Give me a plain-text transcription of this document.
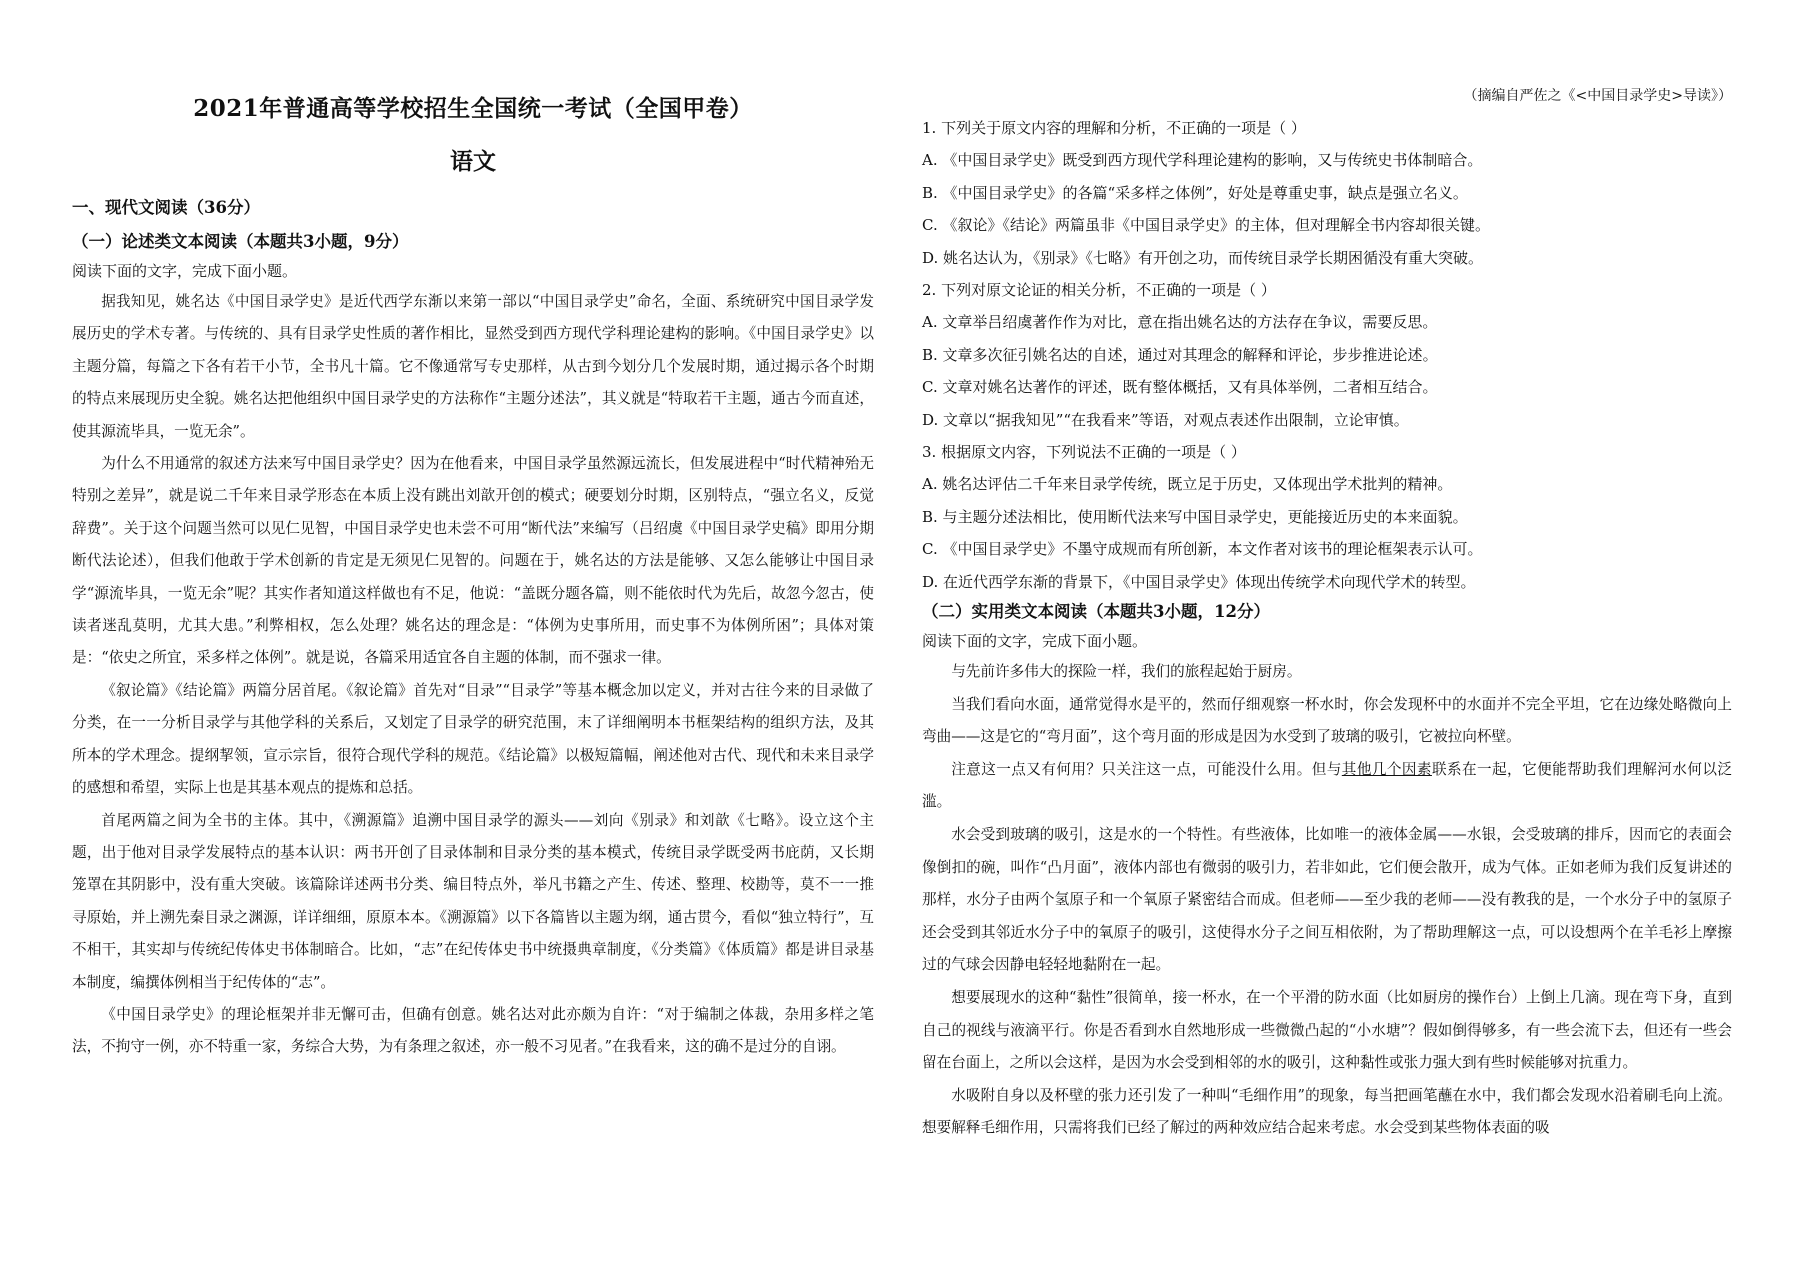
2021年普通高等学校招生全国统一考试（全国甲卷）
语文
一、现代文阅读（36分）
（一）论述类文本阅读（本题共3小题，9分）
阅读下面的文字，完成下面小题。

据我知见，姚名达《中国目录学史》是近代西学东渐以来第一部以“中国目录学史”命名，全面、系统研究中国目录学发展历史的学术专著。与传统的、具有目录学史性质的著作相比，显然受到西方现代学科理论建构的影响。《中国目录学史》以主题分篇，每篇之下各有若干小节，全书凡十篇。它不像通常写专史那样，从古到今划分几个发展时期，通过揭示各个时期的特点来展现历史全貌。姚名达把他组织中国目录学史的方法称作“主题分述法”，其义就是“特取若干主题，通古今而直述，使其源流毕具，一览无余”。

为什么不用通常的叙述方法来写中国目录学史？因为在他看来，中国目录学虽然源远流长，但发展进程中“时代精神殆无特别之差异”，就是说二千年来目录学形态在本质上没有跳出刘歆开创的模式；硬要划分时期，区别特点，“强立名义，反觉辞费”。关于这个问题当然可以见仁见智，中国目录学史也未尝不可用“断代法”来编写（吕绍虞《中国目录学史稿》即用分期断代法论述），但我们他敢于学术创新的肯定是无须见仁见智的。问题在于，姚名达的方法是能够、又怎么能够让中国目录学“源流毕具，一览无余”呢？其实作者知道这样做也有不足，他说：“盖既分题各篇，则不能依时代为先后，故忽今忽古，使读者迷乱莫明，尤其大患。”利弊相权，怎么处理？姚名达的理念是：“体例为史事所用，而史事不为体例所困”；具体对策是：“依史之所宜，采多样之体例”。就是说，各篇采用适宜各自主题的体制，而不强求一律。

《叙论篇》《结论篇》两篇分居首尾。《叙论篇》首先对“目录”“目录学”等基本概念加以定义，并对古往今来的目录做了分类，在一一分析目录学与其他学科的关系后，又划定了目录学的研究范围，末了详细阐明本书框架结构的组织方法，及其所本的学术理念。提纲挈领，宣示宗旨，很符合现代学科的规范。《结论篇》以极短篇幅，阐述他对古代、现代和未来目录学的感想和希望，实际上也是其基本观点的提炼和总括。

首尾两篇之间为全书的主体。其中，《溯源篇》追溯中国目录学的源头——刘向《别录》和刘歆《七略》。设立这个主题，出于他对目录学发展特点的基本认识：两书开创了目录体制和目录分类的基本模式，传统目录学既受两书庇荫，又长期笼罩在其阴影中，没有重大突破。该篇除详述两书分类、编目特点外，举凡书籍之产生、传述、整理、校勘等，莫不一一推寻原始，并上溯先秦目录之渊源，详详细细，原原本本。《溯源篇》以下各篇皆以主题为纲，通古贯今，看似“独立特行”，互不相干，其实却与传统纪传体史书体制暗合。比如，“志”在纪传体史书中统摄典章制度，《分类篇》《体质篇》都是讲目录基本制度，编撰体例相当于纪传体的“志”。

《中国目录学史》的理论框架并非无懈可击，但确有创意。姚名达对此亦颇为自许：“对于编制之体裁，杂用多样之笔法，不拘守一例，亦不特重一家，务综合大势，为有条理之叙述，亦一般不习见者。”在我看来，这的确不是过分的自诩。

（摘编自严佐之《<中国目录学史>导读》）
1. 下列关于原文内容的理解和分析，不正确的一项是（ ）
A. 《中国目录学史》既受到西方现代学科理论建构的影响，又与传统史书体制暗合。
B. 《中国目录学史》的各篇“采多样之体例”，好处是尊重史事，缺点是强立名义。
C. 《叙论》《结论》两篇虽非《中国目录学史》的主体，但对理解全书内容却很关键。
D. 姚名达认为，《别录》《七略》有开创之功，而传统目录学长期困循没有重大突破。
2. 下列对原文论证的相关分析，不正确的一项是（ ）
A. 文章举吕绍虞著作作为对比，意在指出姚名达的方法存在争议，需要反思。
B. 文章多次征引姚名达的自述，通过对其理念的解释和评论，步步推进论述。
C. 文章对姚名达著作的评述，既有整体概括，又有具体举例，二者相互结合。
D. 文章以“据我知见”“在我看来”等语，对观点表述作出限制，立论审慎。
3. 根据原文内容，下列说法不正确的一项是（ ）
A. 姚名达评估二千年来目录学传统，既立足于历史，又体现出学术批判的精神。
B. 与主题分述法相比，使用断代法来写中国目录学史，更能接近历史的本来面貌。
C. 《中国目录学史》不墨守成规而有所创新，本文作者对该书的理论框架表示认可。
D. 在近代西学东渐的背景下，《中国目录学史》体现出传统学术向现代学术的转型。
（二）实用类文本阅读（本题共3小题，12分）
阅读下面的文字，完成下面小题。

与先前许多伟大的探险一样，我们的旅程起始于厨房。

当我们看向水面，通常觉得水是平的，然而仔细观察一杯水时，你会发现杯中的水面并不完全平坦，它在边缘处略微向上弯曲——这是它的“弯月面”，这个弯月面的形成是因为水受到了玻璃的吸引，它被拉向杯壁。

注意这一点又有何用？只关注这一点，可能没什么用。但与其他几个因素联系在一起，它便能帮助我们理解河水何以泛滥。

水会受到玻璃的吸引，这是水的一个特性。有些液体，比如唯一的液体金属——水银，会受玻璃的排斥，因而它的表面会像倒扣的碗，叫作“凸月面”，液体内部也有微弱的吸引力，若非如此，它们便会散开，成为气体。正如老师为我们反复讲述的那样，水分子由两个氢原子和一个氧原子紧密结合而成。但老师——至少我的老师——没有教我的是，一个水分子中的氢原子还会受到其邻近水分子中的氧原子的吸引，这使得水分子之间互相依附，为了帮助理解这一点，可以设想两个在羊毛衫上摩擦过的气球会因静电轻轻地黏附在一起。

想要展现水的这种“黏性”很简单，接一杯水，在一个平滑的防水面（比如厨房的操作台）上倒上几滴。现在弯下身，直到自己的视线与液滴平行。你是否看到水自然地形成一些微微凸起的“小水塘”？假如倒得够多，有一些会流下去，但还有一些会留在台面上，之所以会这样，是因为水会受到相邻的水的吸引，这种黏性或张力强大到有些时候能够对抗重力。

水吸附自身以及杯壁的张力还引发了一种叫“毛细作用”的现象，每当把画笔蘸在水中，我们都会发现水沿着刷毛向上流。想要解释毛细作用，只需将我们已经了解过的两种效应结合起来考虑。水会受到某些物体表面的吸
